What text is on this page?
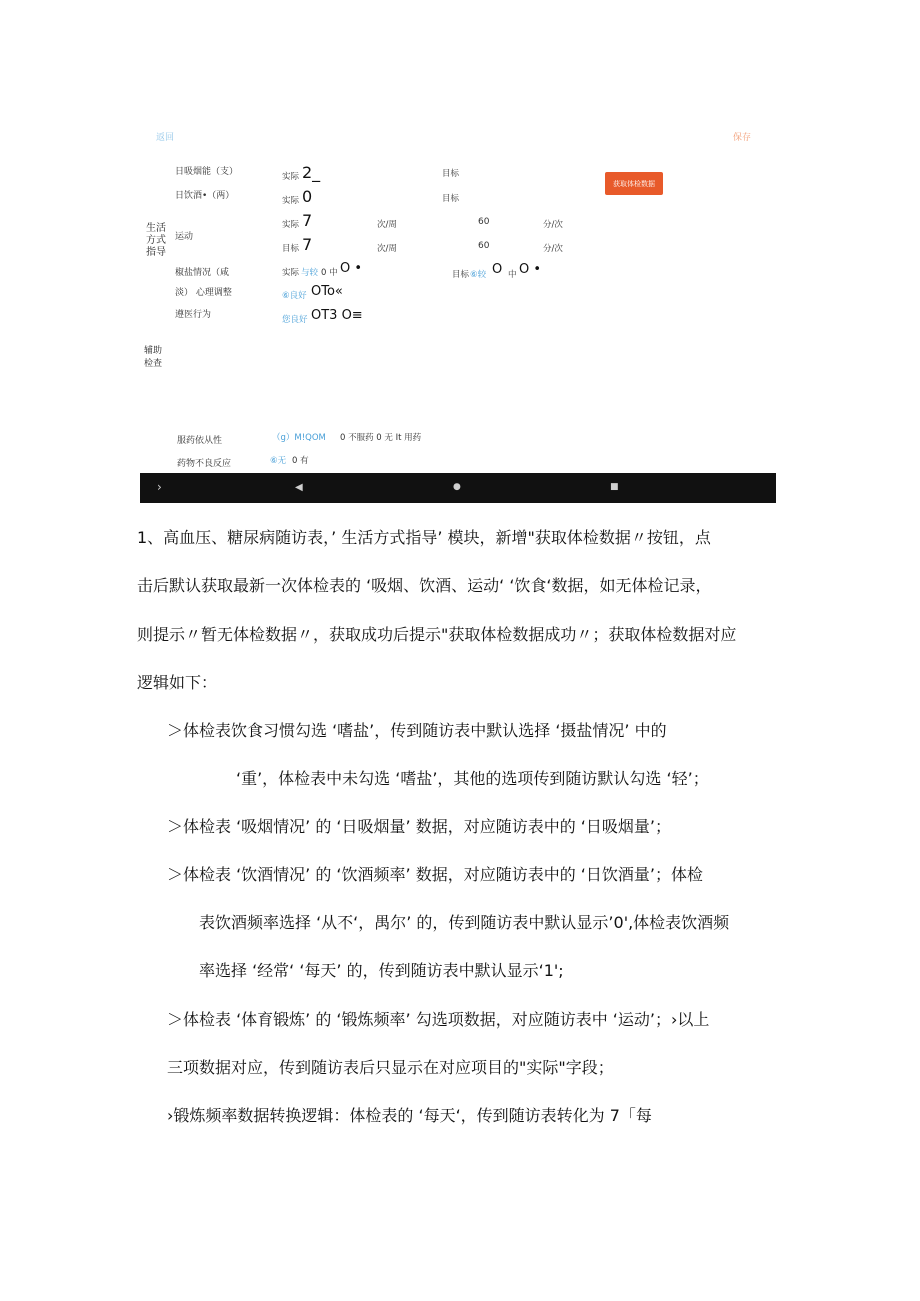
返回	保存
获取体检数据
生活
方式
指导
日吸烟能（支）	实际 2_	目标
日饮酒•（两）	实际 0	目标
运动
实际 7	次/周	60	分/次
目标 7	次/周	60	分/次
椒盐情况（咸	实际 与较 0 中 O •	目标 ⑥较 O 中 O •
淡） 心理调整	⑥良好 OTo«
遵医行为	您良好 OT3 O≡
辅助
检查
服药依从性	（g）M!QOM 0 不服药 0 无 It 用药
药物不良反应	⑥无 0 有
›	◀	●	■
1、高血压、糖尿病随访表，’ 生活方式指导’ 模块，新增"获取体检数据〃按钮，点
击后默认获取最新一次体检表的 ‘吸烟、饮酒、运动‘ ‘饮食‘数据，如无体检记录，
则提示〃暂无体检数据〃，获取成功后提示"获取体检数据成功〃；获取体检数据对应
逻辑如下：
＞体检表饮食习惯勾选 ‘嗜盐’，传到随访表中默认选择 ‘摄盐情况’ 中的
‘重’，体检表中未勾选 ‘嗜盐’，其他的选项传到随访默认勾选 ‘轻’；
＞体检表 ‘吸烟情况’ 的 ‘日吸烟量’ 数据，对应随访表中的 ‘日吸烟量’；
＞体检表 ‘饮酒情况’ 的 ‘饮酒频率’ 数据，对应随访表中的 ‘日饮酒量’；体检
表饮酒频率选择 ‘从不‘，禺尔’ 的，传到随访表中默认显示’0',体检表饮酒频
率选择 ‘经常‘ ‘每天’ 的，传到随访表中默认显示‘1';
＞体检表 ‘体育锻炼’ 的 ‘锻炼频率’ 勾选项数据，对应随访表中 ‘运动’；›以上
三项数据对应，传到随访表后只显示在对应项目的"实际"字段；
›锻炼频率数据转换逻辑：体检表的 ‘每天‘，传到随访表转化为 7「每
